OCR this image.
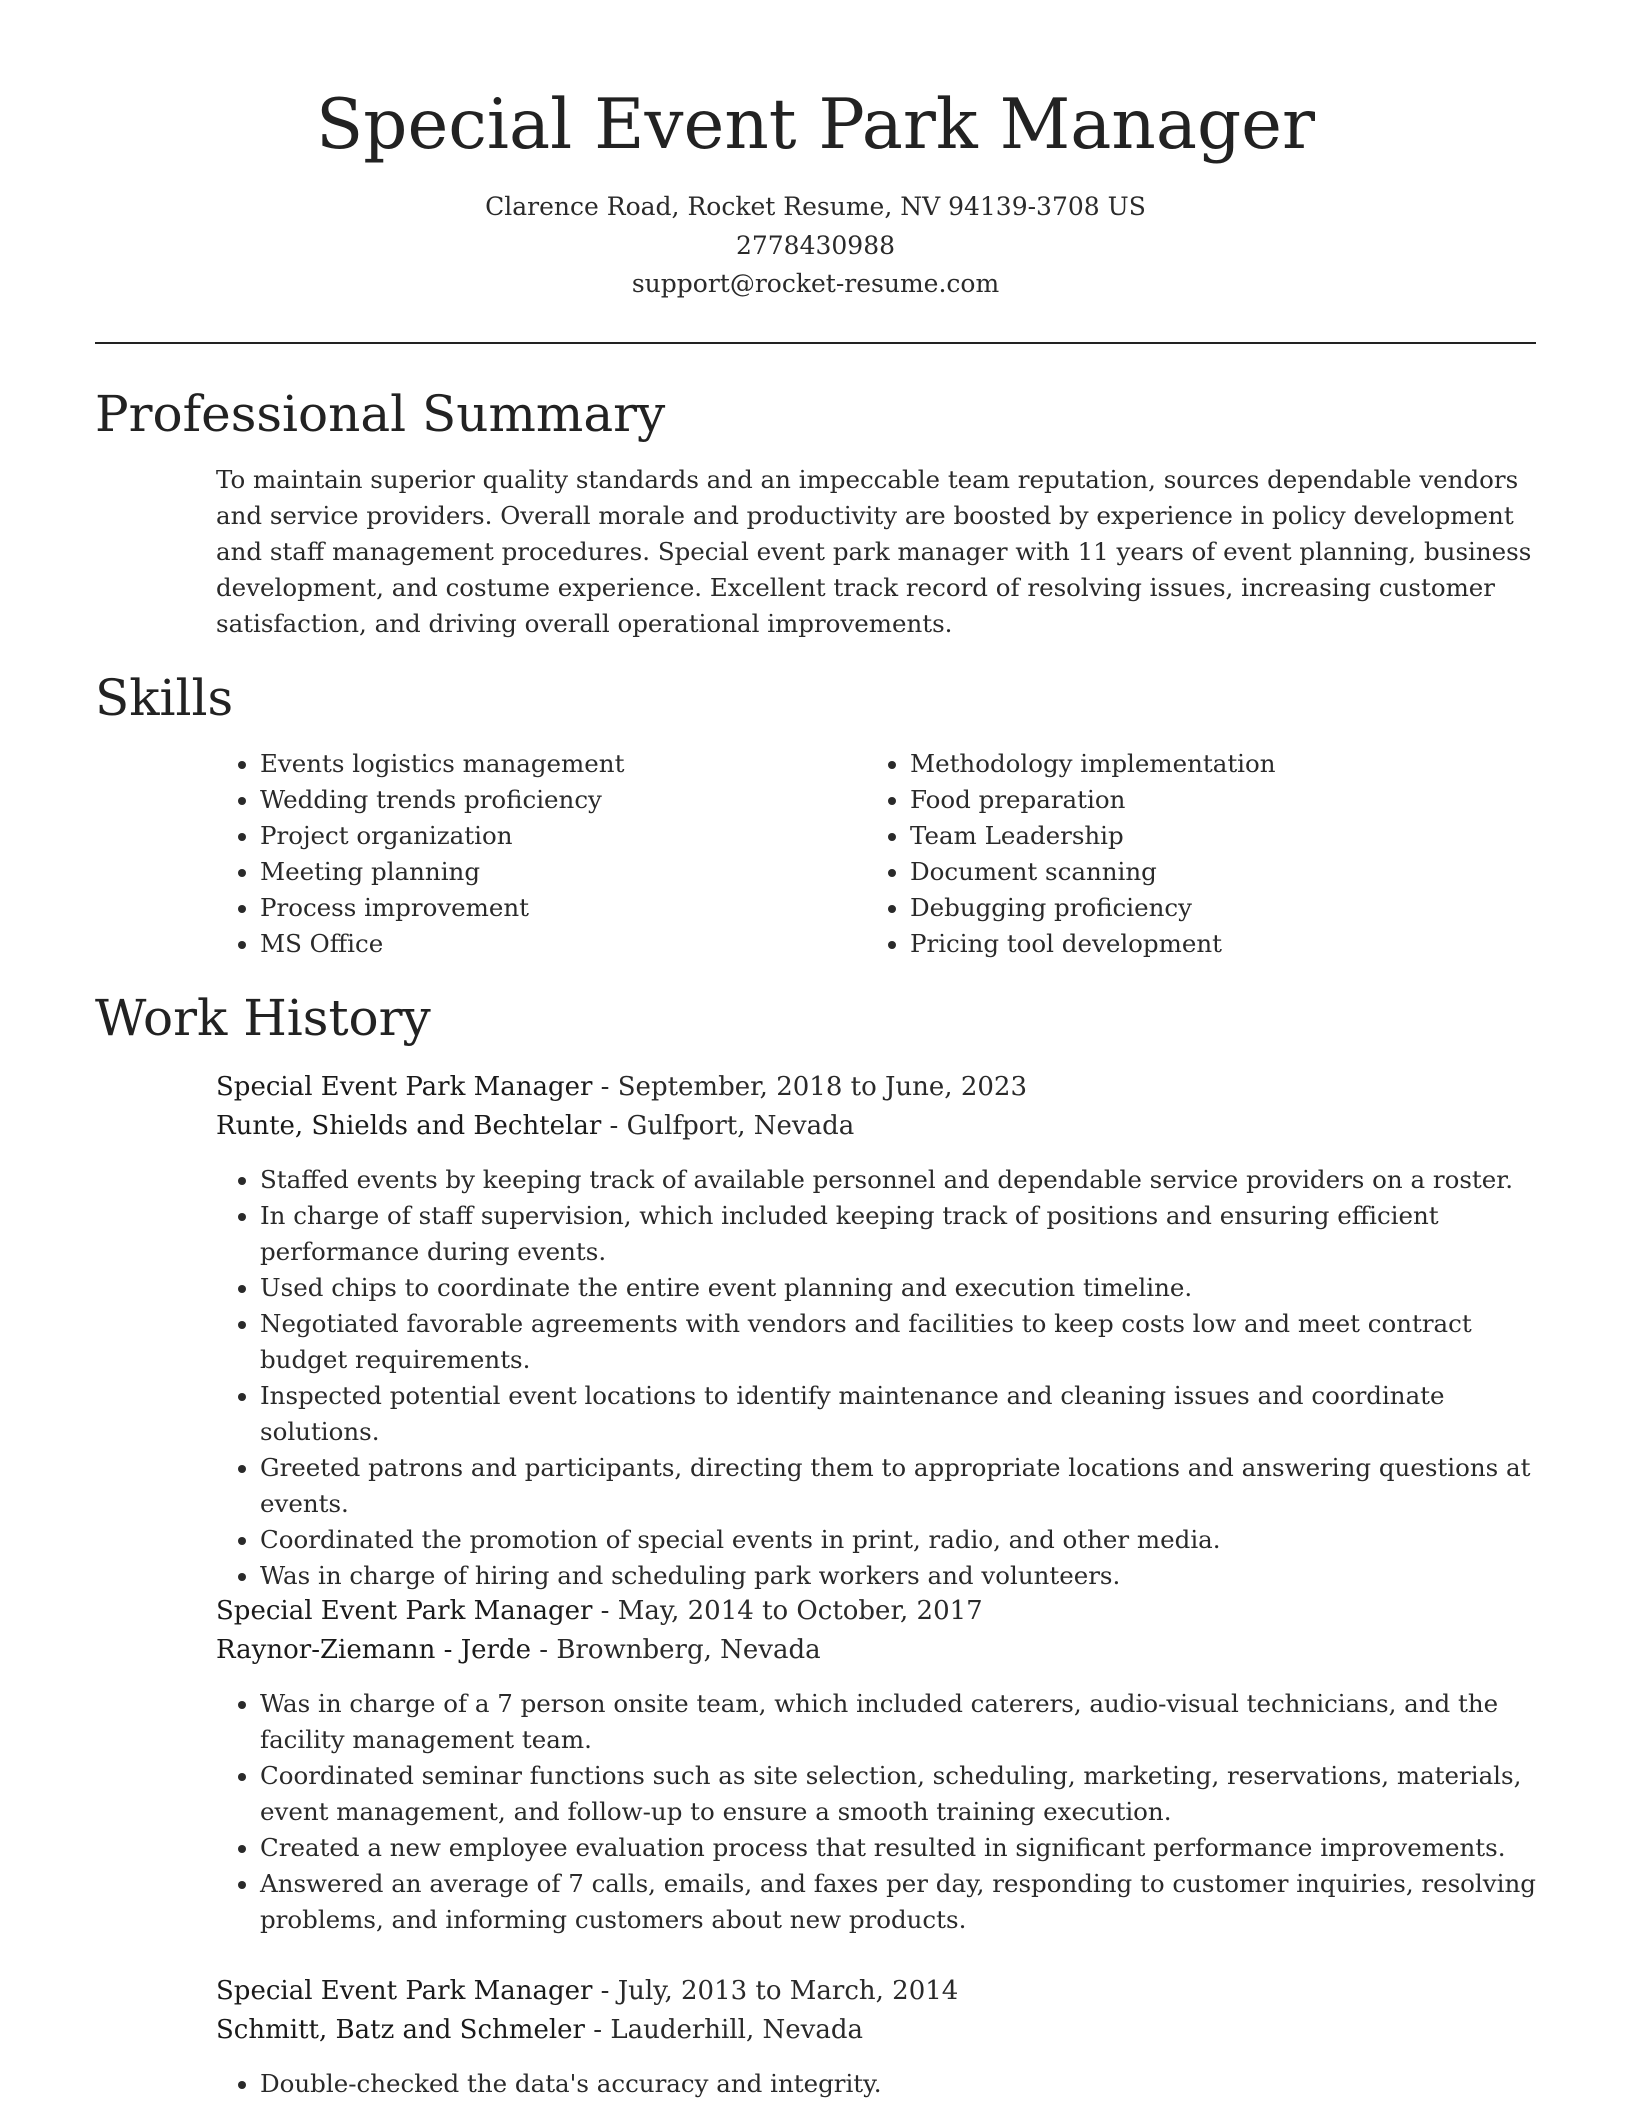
Special Event Park Manager
Clarence Road, Rocket Resume, NV 94139-3708 US
2778430988
support@rocket-resume.com
Professional Summary

To maintain superior quality standards and an impeccable team reputation, sources dependable vendors and service providers. Overall morale and productivity are boosted by experience in policy development and staff management procedures. Special event park manager with 11 years of event planning, business development, and costume experience. Excellent track record of resolving issues, increasing customer satisfaction, and driving overall operational improvements.

Skills
• Events logistics management
• Wedding trends proficiency
• Project organization
• Meeting planning
• Process improvement
• MS Office
• Methodology implementation
• Food preparation
• Team Leadership
• Document scanning
• Debugging proficiency
• Pricing tool development
Work History
Special Event Park Manager - September, 2018 to June, 2023
Runte, Shields and Bechtelar - Gulfport, Nevada
• Staffed events by keeping track of available personnel and dependable service providers on a roster.
• In charge of staff supervision, which included keeping track of positions and ensuring efficient performance during events.
• Used chips to coordinate the entire event planning and execution timeline.
• Negotiated favorable agreements with vendors and facilities to keep costs low and meet contract budget requirements.
• Inspected potential event locations to identify maintenance and cleaning issues and coordinate solutions.
• Greeted patrons and participants, directing them to appropriate locations and answering questions at events.
• Coordinated the promotion of special events in print, radio, and other media.
• Was in charge of hiring and scheduling park workers and volunteers.
Special Event Park Manager - May, 2014 to October, 2017
Raynor-Ziemann - Jerde - Brownberg, Nevada
• Was in charge of a 7 person onsite team, which included caterers, audio-visual technicians, and the facility management team.
• Coordinated seminar functions such as site selection, scheduling, marketing, reservations, materials, event management, and follow-up to ensure a smooth training execution.
• Created a new employee evaluation process that resulted in significant performance improvements.
• Answered an average of 7 calls, emails, and faxes per day, responding to customer inquiries, resolving problems, and informing customers about new products.
Special Event Park Manager - July, 2013 to March, 2014
Schmitt, Batz and Schmeler - Lauderhill, Nevada
• Double-checked the data's accuracy and integrity.
